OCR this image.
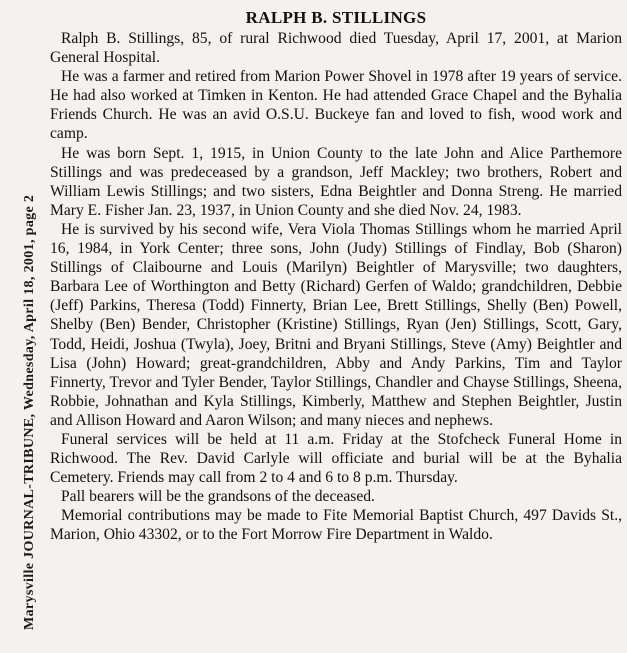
Marysville JOURNAL-TRIBUNE, Wednesday, April 18, 2001, page 2
RALPH B. STILLINGS

Ralph B. Stillings, 85, of rural Richwood died Tuesday, April 17, 2001, at Marion General Hospital.

He was a farmer and retired from Marion Power Shovel in 1978 after 19 years of service. He had also worked at Timken in Kenton. He had attended Grace Chapel and the Byhalia Friends Church. He was an avid O.S.U. Buckeye fan and loved to fish, wood work and camp.

He was born Sept. 1, 1915, in Union County to the late John and Alice Parthemore Stillings and was predeceased by a grandson, Jeff Mackley; two brothers, Robert and William Lewis Stillings; and two sisters, Edna Beightler and Donna Streng. He married Mary E. Fisher Jan. 23, 1937, in Union County and she died Nov. 24, 1983.

He is survived by his second wife, Vera Viola Thomas Stillings whom he married April 16, 1984, in York Center; three sons, John (Judy) Stillings of Findlay, Bob (Sharon) Stillings of Claibourne and Louis (Marilyn) Beightler of Marysville; two daughters, Barbara Lee of Worthington and Betty (Richard) Gerfen of Waldo; grandchildren, Debbie (Jeff) Parkins, Theresa (Todd) Finnerty, Brian Lee, Brett Stillings, Shelly (Ben) Powell, Shelby (Ben) Bender, Christopher (Kristine) Stillings, Ryan (Jen) Stillings, Scott, Gary, Todd, Heidi, Joshua (Twyla), Joey, Britni and Bryani Stillings, Steve (Amy) Beightler and Lisa (John) Howard; great-grandchildren, Abby and Andy Parkins, Tim and Taylor Finnerty, Trevor and Tyler Bender, Taylor Stillings, Chandler and Chayse Stillings, Sheena, Robbie, Johnathan and Kyla Stillings, Kimberly, Matthew and Stephen Beightler, Justin and Allison Howard and Aaron Wilson; and many nieces and nephews.

Funeral services will be held at 11 a.m. Friday at the Stofcheck Funeral Home in Richwood. The Rev. David Carlyle will officiate and burial will be at the Byhalia Cemetery. Friends may call from 2 to 4 and 6 to 8 p.m. Thursday.

Pall bearers will be the grandsons of the deceased.

Memorial contributions may be made to Fite Memorial Baptist Church, 497 Davids St., Marion, Ohio 43302, or to the Fort Morrow Fire Department in Waldo.
